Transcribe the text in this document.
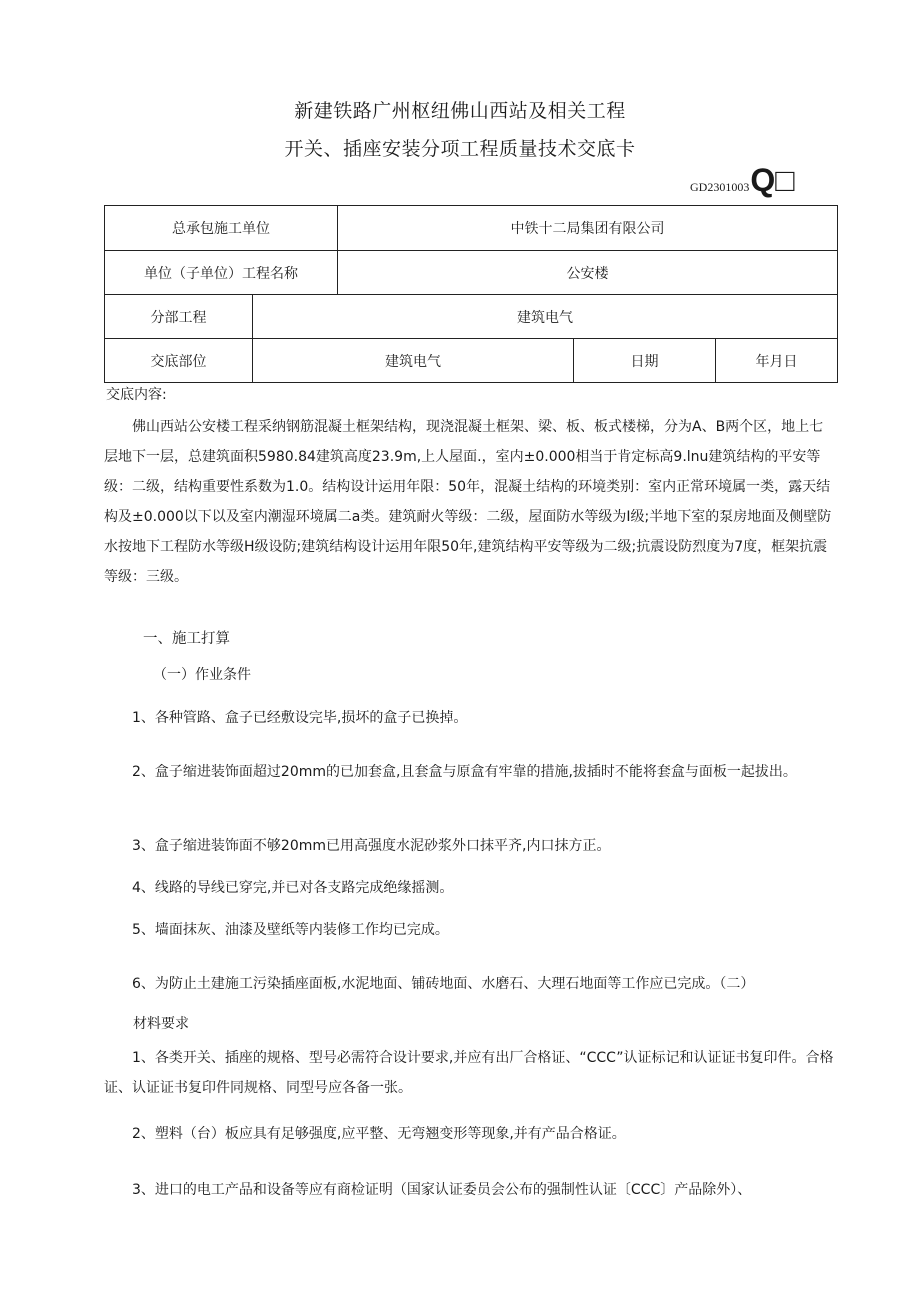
新建铁路广州枢纽佛山西站及相关工程
开关、插座安装分项工程质量技术交底卡
GD2301003 Q□
总承包施工单位		中铁十二局集团有限公司		
单位（子单位）工程名称		公安楼		
分部工程	建筑电气			
交底部位	建筑电气		日期	年月日

交底内容:

佛山西站公安楼工程采纳钢筋混凝土框架结构，现浇混凝土框架、梁、板、板式楼梯，分为A、B两个区，地上七层地下一层，总建筑面积5980.84建筑高度23.9m,上人屋面.，室内±0.000相当于肯定标高9.lnu建筑结构的平安等级：二级，结构重要性系数为1.0。结构设计运用年限：50年，混凝土结构的环境类别：室内正常环境属一类，露天结构及±0.000以下以及室内潮湿环境属二a类。建筑耐火等级：二级，屋面防水等级为I级;半地下室的泵房地面及侧壁防水按地下工程防水等级H级设防;建筑结构设计运用年限50年,建筑结构平安等级为二级;抗震设防烈度为7度，框架抗震等级：三级。

一、施工打算

（一）作业条件

1、各种管路、盒子已经敷设完毕,损坏的盒子已换掉。

2、盒子缩进装饰面超过20mm的已加套盒,且套盒与原盒有牢靠的措施,拔插时不能将套盒与面板一起拔出。

3、盒子缩进装饰面不够20mm已用高强度水泥砂浆外口抹平齐,内口抹方正。

4、线路的导线已穿完,并已对各支路完成绝缘摇测。

5、墙面抹灰、油漆及壁纸等内装修工作均已完成。

6、为防止土建施工污染插座面板,水泥地面、铺砖地面、水磨石、大理石地面等工作应已完成。（二）

材料要求

1、各类开关、插座的规格、型号必需符合设计要求,并应有出厂合格证、“CCC”认证标记和认证证书复印件。合格证、认证证书复印件同规格、同型号应各备一张。

2、塑料（台）板应具有足够强度,应平整、无弯翘变形等现象,并有产品合格证。

3、进口的电工产品和设备等应有商检证明（国家认证委员会公布的强制性认证〔CCC〕产品除外）、
